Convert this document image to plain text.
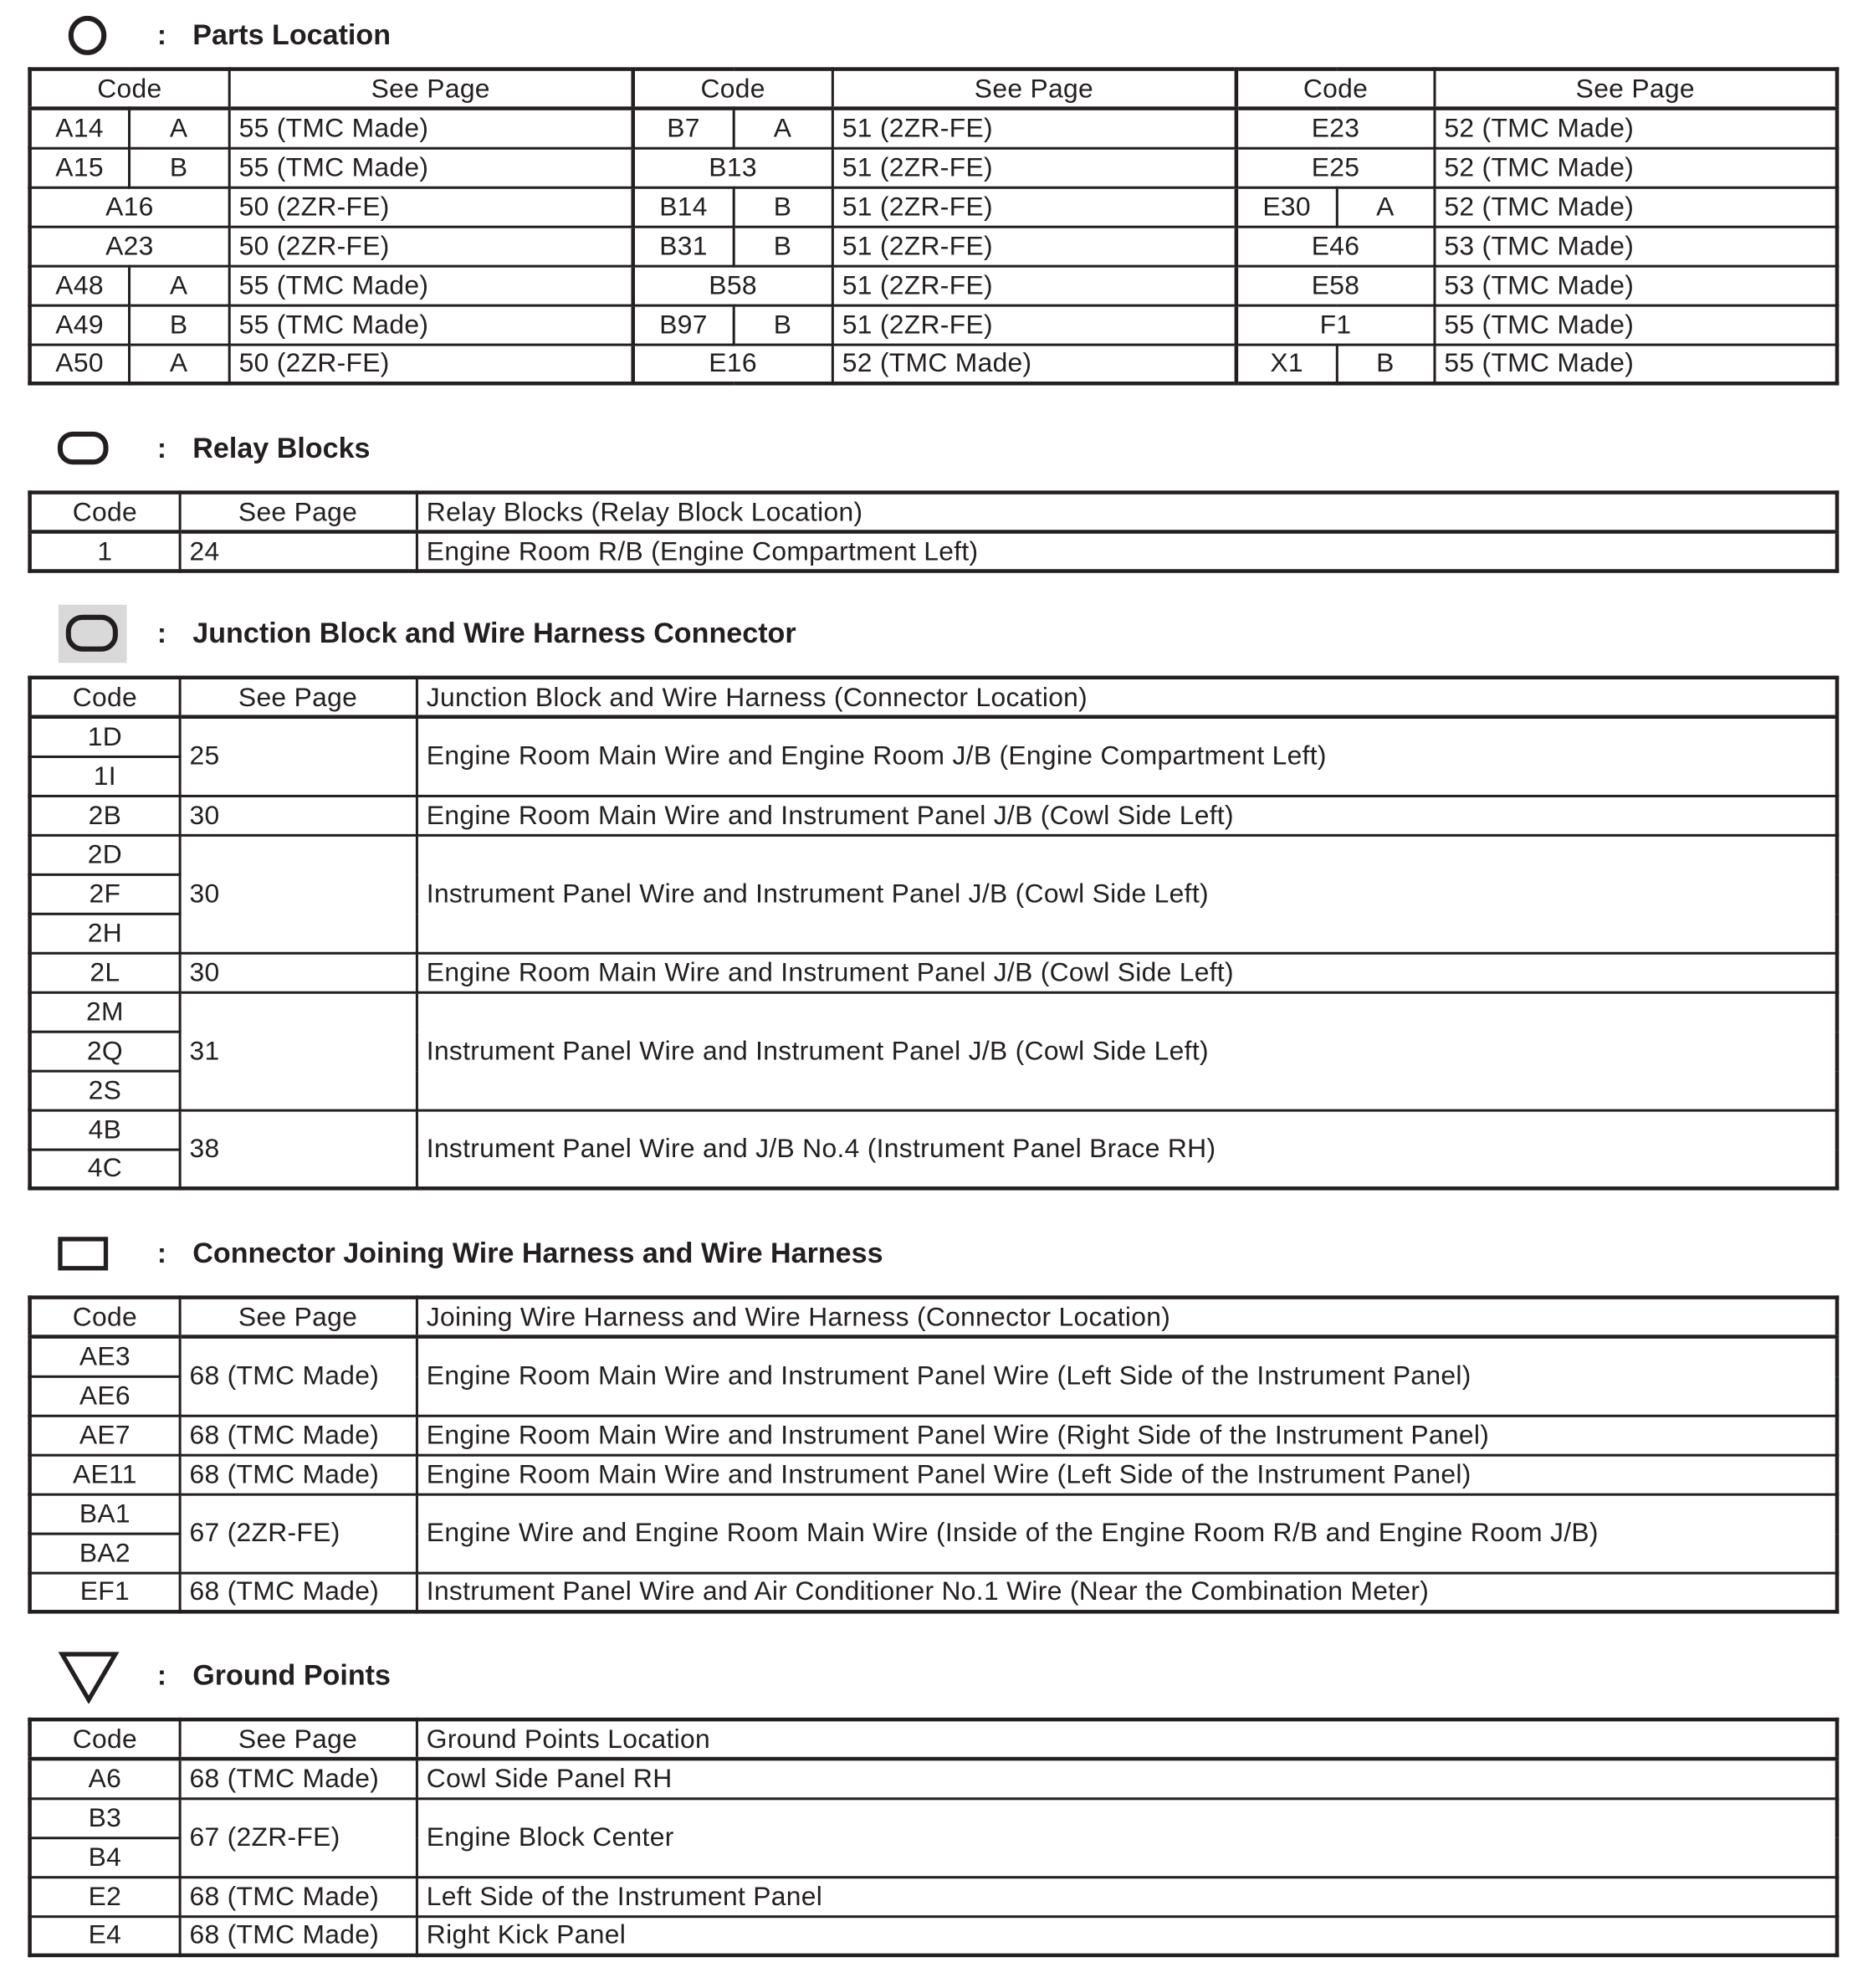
: Parts Location
Code		See Page	Code		See Page	Code		See Page
A14	A	55 (TMC Made)	B7	A	51 (2ZR-FE)	E23		52 (TMC Made)
A15	B	55 (TMC Made)	B13		51 (2ZR-FE)	E25		52 (TMC Made)
A16		50 (2ZR-FE)	B14	B	51 (2ZR-FE)	E30	A	52 (TMC Made)
A23		50 (2ZR-FE)	B31	B	51 (2ZR-FE)	E46		53 (TMC Made)
A48	A	55 (TMC Made)	B58		51 (2ZR-FE)	E58		53 (TMC Made)
A49	B	55 (TMC Made)	B97	B	51 (2ZR-FE)	F1		55 (TMC Made)
A50	A	50 (2ZR-FE)	E16		52 (TMC Made)	X1	B	55 (TMC Made)
: Relay Blocks
Code	See Page	Relay Blocks (Relay Block Location)
1	24	Engine Room R/B (Engine Compartment Left)
: Junction Block and Wire Harness Connector
Code	See Page	Junction Block and Wire Harness (Connector Location)
1D	25	Engine Room Main Wire and Engine Room J/B (Engine Compartment Left)
1I		
2B	30	Engine Room Main Wire and Instrument Panel J/B (Cowl Side Left)
2D	30	Instrument Panel Wire and Instrument Panel J/B (Cowl Side Left)
2F		
2H		
2L	30	Engine Room Main Wire and Instrument Panel J/B (Cowl Side Left)
2M	31	Instrument Panel Wire and Instrument Panel J/B (Cowl Side Left)
2Q		
2S		
4B	38	Instrument Panel Wire and J/B No.4 (Instrument Panel Brace RH)
4C		
: Connector Joining Wire Harness and Wire Harness
Code	See Page	Joining Wire Harness and Wire Harness (Connector Location)
AE3	68 (TMC Made)	Engine Room Main Wire and Instrument Panel Wire (Left Side of the Instrument Panel)
AE6		
AE7	68 (TMC Made)	Engine Room Main Wire and Instrument Panel Wire (Right Side of the Instrument Panel)
AE11	68 (TMC Made)	Engine Room Main Wire and Instrument Panel Wire (Left Side of the Instrument Panel)
BA1	67 (2ZR-FE)	Engine Wire and Engine Room Main Wire (Inside of the Engine Room R/B and Engine Room J/B)
BA2		
EF1	68 (TMC Made)	Instrument Panel Wire and Air Conditioner No.1 Wire (Near the Combination Meter)
: Ground Points
Code	See Page	Ground Points Location
A6	68 (TMC Made)	Cowl Side Panel RH
B3	67 (2ZR-FE)	Engine Block Center
B4		
E2	68 (TMC Made)	Left Side of the Instrument Panel
E4	68 (TMC Made)	Right Kick Panel
